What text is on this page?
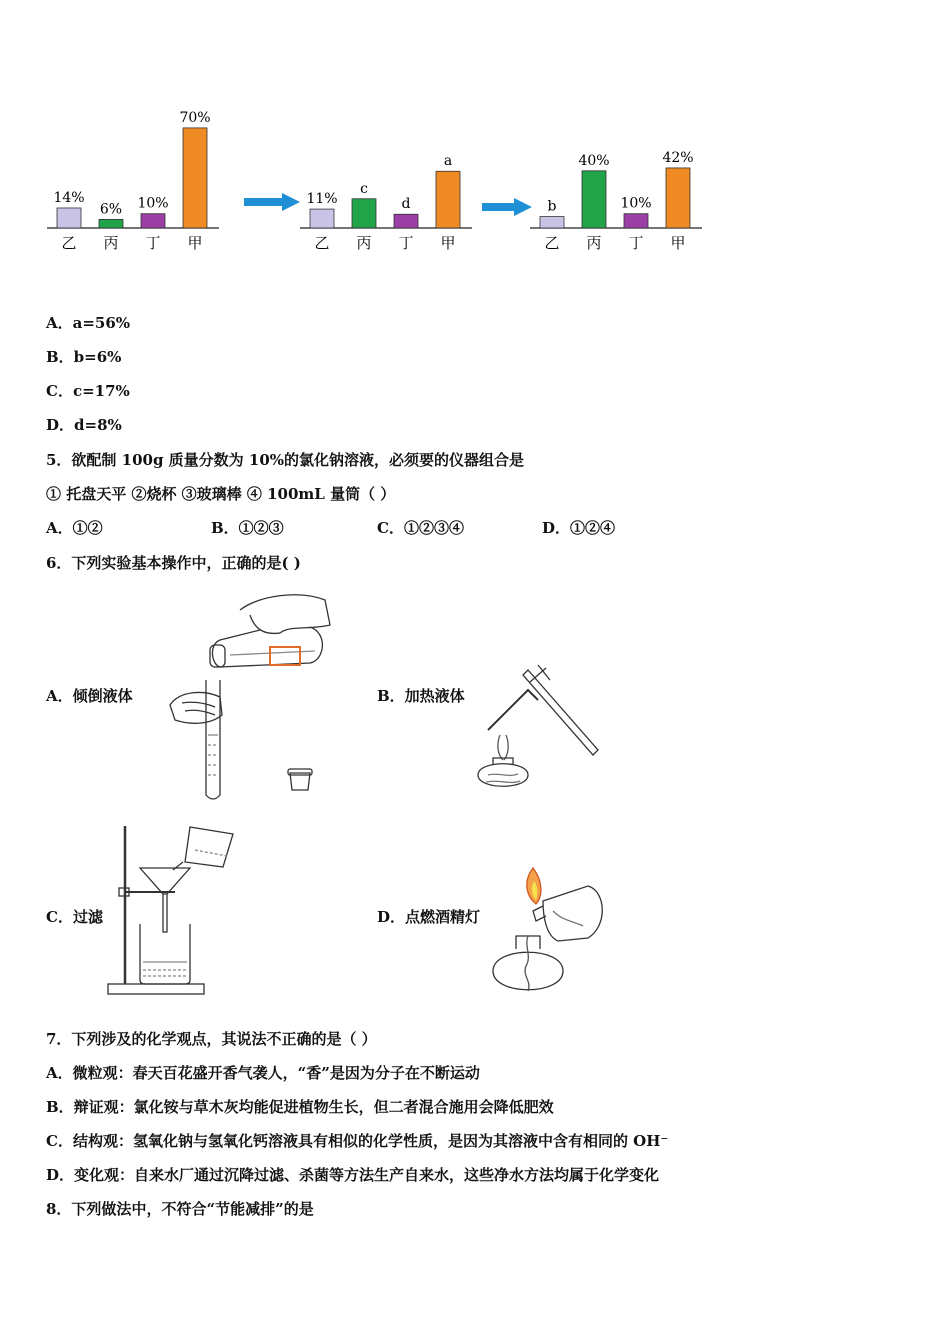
14%
乙
6%
丙
10%
丁
70%
甲
11%
乙
c
丙
d
丁
a
甲
b
乙
40%
丙
10%
丁
42%
甲
A．a=56%
B．b=6%
C．c=17%
D．d=8%
5．欲配制 100g 质量分数为 10%的氯化钠溶液，必须要的仪器组合是
① 托盘天平 ②烧杯 ③玻璃棒 ④ 100mL 量筒（ ）
A．①②	B．①②③	C．①②③④	D．①②④
6．下列实验基本操作中，正确的是( )
A．倾倒液体	B．加热液体
C．过滤	D．点燃酒精灯
7．下列涉及的化学观点，其说法不正确的是（ ）
A．微粒观：春天百花盛开香气袭人，“香”是因为分子在不断运动
B．辩证观：氯化铵与草木灰均能促进植物生长，但二者混合施用会降低肥效
C．结构观：氢氧化钠与氢氧化钙溶液具有相似的化学性质，是因为其溶液中含有相同的 OH⁻
D．变化观：自来水厂通过沉降过滤、杀菌等方法生产自来水，这些净水方法均属于化学变化
8．下列做法中，不符合“节能减排”的是
